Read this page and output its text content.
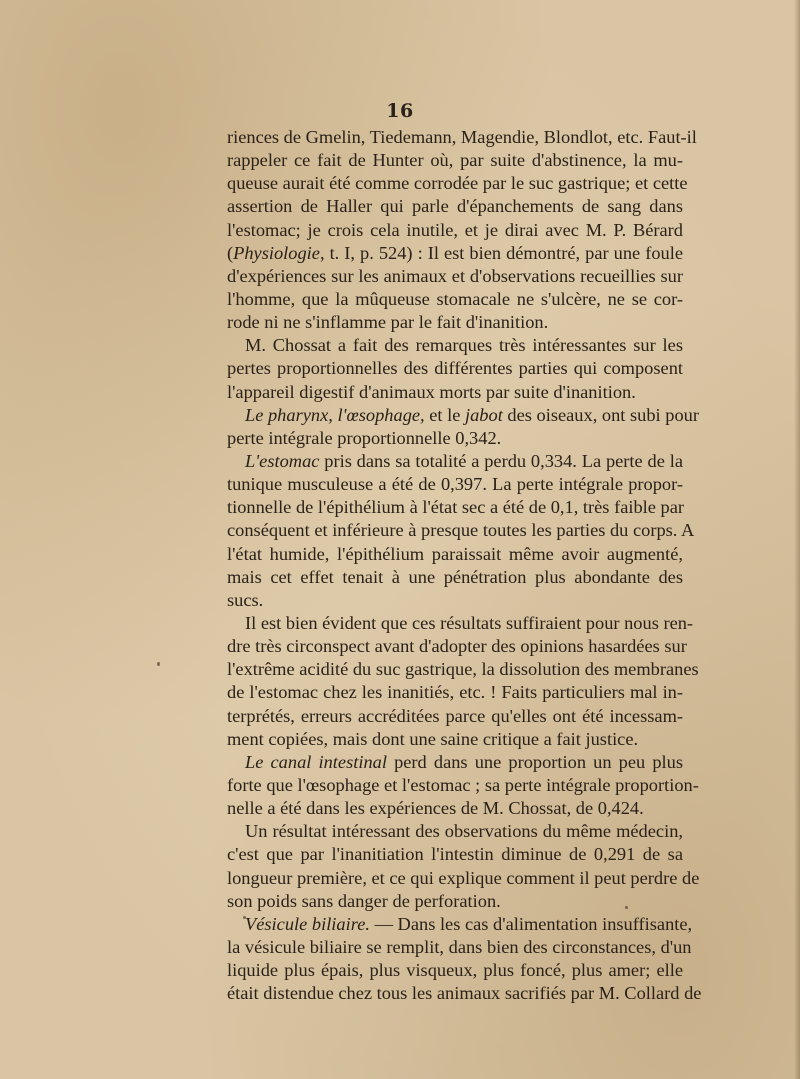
16
riences de Gmelin, Tiedemann, Magendie, Blondlot, etc. Faut-il
rappeler ce fait de Hunter où, par suite d'abstinence, la mu-
queuse aurait été comme corrodée par le suc gastrique; et cette
assertion de Haller qui parle d'épanchements de sang dans
l'estomac; je crois cela inutile, et je dirai avec M. P. Bérard
(Physiologie, t. I, p. 524) : Il est bien démontré, par une foule
d'expériences sur les animaux et d'observations recueillies sur
l'homme, que la mûqueuse stomacale ne s'ulcère, ne se cor-
rode ni ne s'inflamme par le fait d'inanition.
M. Chossat a fait des remarques très intéressantes sur les
pertes proportionnelles des différentes parties qui composent
l'appareil digestif d'animaux morts par suite d'inanition.
Le pharynx, l'œsophage, et le jabot des oiseaux, ont subi pour
perte intégrale proportionnelle 0,342.
L'estomac pris dans sa totalité a perdu 0,334. La perte de la
tunique musculeuse a été de 0,397. La perte intégrale propor-
tionnelle de l'épithélium à l'état sec a été de 0,1, très faible par
conséquent et inférieure à presque toutes les parties du corps. A
l'état humide, l'épithélium paraissait même avoir augmenté,
mais cet effet tenait à une pénétration plus abondante des
sucs.
Il est bien évident que ces résultats suffiraient pour nous ren-
dre très circonspect avant d'adopter des opinions hasardées sur
l'extrême acidité du suc gastrique, la dissolution des membranes
de l'estomac chez les inanitiés, etc. ! Faits particuliers mal in-
terprétés, erreurs accréditées parce qu'elles ont été incessam-
ment copiées, mais dont une saine critique a fait justice.
Le canal intestinal perd dans une proportion un peu plus
forte que l'œsophage et l'estomac ; sa perte intégrale proportion-
nelle a été dans les expériences de M. Chossat, de 0,424.
Un résultat intéressant des observations du même médecin,
c'est que par l'inanitiation l'intestin diminue de 0,291 de sa
longueur première, et ce qui explique comment il peut perdre de
son poids sans danger de perforation.
Vésicule biliaire. — Dans les cas d'alimentation insuffisante,
la vésicule biliaire se remplit, dans bien des circonstances, d'un
liquide plus épais, plus visqueux, plus foncé, plus amer; elle
était distendue chez tous les animaux sacrifiés par M. Collard de
